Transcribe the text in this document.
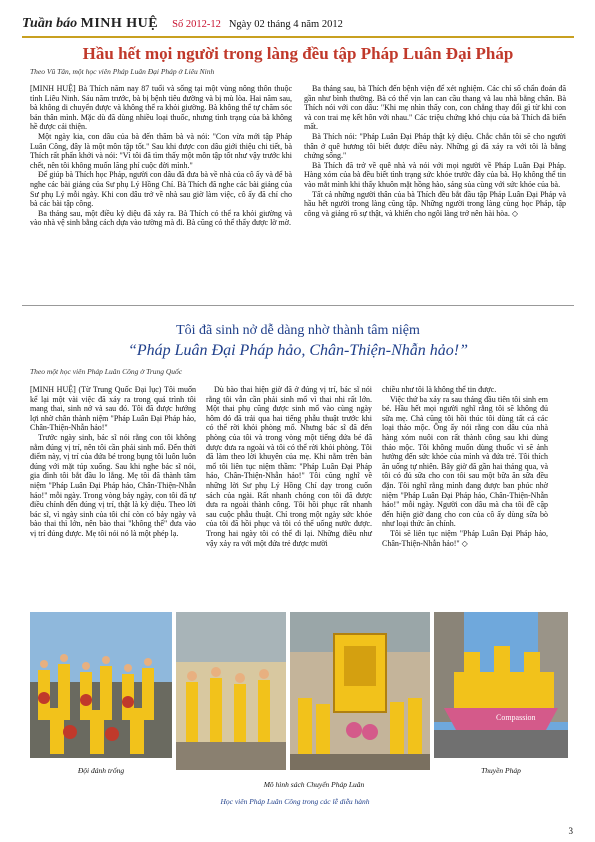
Tuần báo MINH HUỆ Số 2012-12 Ngày 02 tháng 4 năm 2012
Hầu hết mọi người trong làng đều tập Pháp Luân Đại Pháp
Theo Vũ Tân, một học viên Pháp Luân Đại Pháp ở Liêu Ninh

[MINH HUỆ] Bà Thích năm nay 87 tuổi và sống tại một vùng nông thôn thuộc tỉnh Liêu Ninh. Sáu năm trước, bà bị bệnh tiêu đường và bị mù lòa. Hai năm sau, bà không di chuyển được và không thể ra khỏi giường. Bà không thể tự chăm sóc bản thân mình. Mặc dù đã dùng nhiều loại thuốc, nhưng tình trạng của bà không hề được cải thiện.

Một ngày kia, con dâu của bà đến thăm bà và nói: "Con vừa mới tập Pháp Luân Công, đây là một môn tập tốt." Sau khi được con dâu giới thiệu chi tiết, bà Thích rất phấn khởi và nói: "Vì tôi đã tìm thấy một môn tập tốt như vậy trước khi chết, nên tôi không muốn lãng phí cuộc đời mình."

Để giúp bà Thích học Pháp, người con dâu đã đưa bà về nhà của cô ấy và để bà nghe các bài giảng của Sư phụ Lý Hồng Chí. Bà Thích đã nghe các bài giảng của Sư phụ Lý mỗi ngày. Khi con dâu trở về nhà sau giờ làm việc, cô ấy đã chỉ cho bà các bài tập công.

Ba tháng sau, một điều kỳ diệu đã xảy ra. Bà Thích có thể ra khỏi giường và vào nhà vệ sinh bằng cách dựa vào tường mà đi. Bà cũng có thể thấy được lờ mờ.

Ba tháng sau, bà Thích đến bệnh viện để xét nghiệm. Các chỉ số chẩn đoán đã gần như bình thường. Bà có thể vịn lan can cầu thang và lau nhà bằng chân. Bà Thích nói với con dâu: "Khi mẹ nhìn thấy con, con chẳng thay đổi gì từ khi con và con trai mẹ kết hôn với nhau." Các triệu chứng khó chịu của bà Thích đã biến mất.

Bà Thích nói: "Pháp Luân Đại Pháp thật kỳ diệu. Chắc chắn tôi sẽ cho người thân ở quê hương tôi biết được điều này. Những gì đã xảy ra với tôi là bằng chứng sống."

Bà Thích đã trở về quê nhà và nói với mọi người về Pháp Luân Đại Pháp. Hàng xóm của bà đều biết tình trạng sức khỏe trước đây của bà. Họ không thể tin vào mắt mình khi thấy khuôn mặt hồng hào, sáng sủa cùng với sức khỏe của bà.

Tất cả những người thân của bà Thích đều bắt đầu tập Pháp Luân Đại Pháp và hầu hết người trong làng cũng tập. Những người trong làng cùng học Pháp, tập công và giảng rõ sự thật, và khiến cho ngôi làng trở nên hài hòa. ◇

Tôi đã sinh nở dễ dàng nhờ thành tâm niệm
“Pháp Luân Đại Pháp hảo, Chân-Thiện-Nhẫn hảo!”
Theo một học viên Pháp Luân Công ở Trung Quốc

[MINH HUỆ] (Từ Trung Quốc Đại lục) Tôi muốn kể lại một vài việc đã xảy ra trong quá trình tôi mang thai, sinh nở và sau đó. Tôi đã được hướng lợi nhờ chân thành niệm "Pháp Luân Đại Pháp hảo, Chân-Thiện-Nhẫn hảo!"

Trước ngày sinh, bác sĩ nói rằng con tôi không nằm đúng vị trí, nên tôi cần phải sinh mổ. Đến thời điểm này, vị trí của đứa bé trong bụng tôi luôn luôn đúng với mặt túp xuống. Sau khi nghe bác sĩ nói, gia đình tôi bắt đầu lo lắng. Mẹ tôi đã thành tâm niệm "Pháp Luân Đại Pháp hảo, Chân-Thiện-Nhẫn hảo!" mỗi ngày. Trong vòng bảy ngày, con tôi đã tự điều chỉnh đến đúng vị trí, thật là kỳ diệu. Theo lời bác sĩ, vì ngày sinh của tôi chỉ còn có bảy ngày và bào thai thì lớn, nên bào thai "không thể" đưa vào vị trí đúng được. Mẹ tôi nói nó là một phép lạ.

Dù bào thai hiện giờ đã ở đúng vị trí, bác sĩ nói rằng tôi vẫn cần phải sinh mổ vì thai nhi rất lớn. Một thai phụ cũng được sinh mổ vào cùng ngày hôm đó đã trải qua hai tiếng phẫu thuật trước khi có thể rời khỏi phòng mổ. Nhưng bác sĩ đã đến phòng của tôi và trong vòng một tiếng đứa bé đã được đưa ra ngoài và tôi có thể rời khỏi phòng. Tôi đã làm theo lời khuyên của mẹ. Khi nằm trên bàn mổ tôi liên tục niệm thầm: "Pháp Luân Đại Pháp hảo, Chân-Thiện-Nhẫn hảo!" Tôi cũng nghĩ về những lời Sư phụ Lý Hồng Chí dạy trong cuốn sách của ngài. Rất nhanh chóng con tôi đã được đưa ra ngoài thành công. Tôi hồi phục rất nhanh sau cuộc phẫu thuật. Chỉ trong một ngày sức khỏe của tôi đã hồi phục và tôi có thể uống nước được. Trong hai ngày tôi có thể đi lại. Những điều như vậy xảy ra với một đứa trẻ được mười

chiều như tôi là không thể tin được.

Việc thứ ba xảy ra sau tháng đầu tiên tôi sinh em bé. Hầu hết mọi người nghĩ rằng tôi sẽ không đủ sữa mẹ. Chà cũng tôi hồi thúc tôi dùng tất cả các loại thảo mộc. Ông ấy nói rằng con dâu của nhà hàng xóm nuôi con rất thành công sau khi dùng thảo mộc. Tôi không muốn dùng thuốc vì sẽ ảnh hưởng đến sức khỏe của mình và đứa trẻ. Tôi thích ăn uống tự nhiên. Bây giờ đã gần hai tháng qua, và tôi có đủ sữa cho con tôi sau một bữa ăn sữa đều đặn. Tôi nghĩ rằng mình đang được ban phúc nhờ niệm "Pháp Luân Đại Pháp hảo, Chân-Thiện-Nhẫn hảo!" mỗi ngày. Người con dâu mà cha tôi đề cập đến hiện giờ đang cho con của cô ấy dùng sữa bò như loại thức ăn chính.

Tôi sẽ liên tục niệm "Pháp Luân Đại Pháp hảo, Chân-Thiện-Nhẫn hảo!" ◇

Đội đánh trống
Mô hình sách Chuyển Pháp Luân
Compassion
Thuyền Pháp
Học viên Pháp Luân Công trong các lễ diễu hành
3
